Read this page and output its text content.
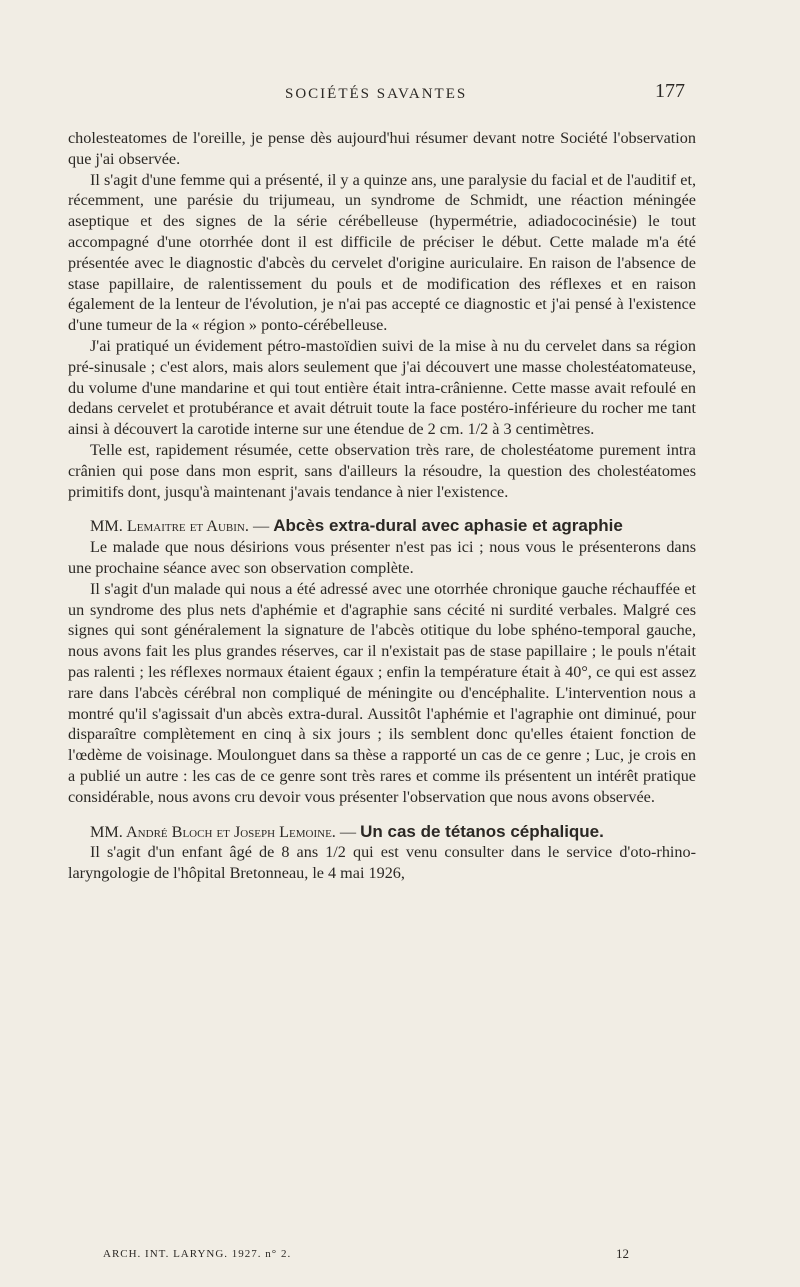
SOCIÉTÉS SAVANTES	177

cholesteatomes de l'oreille, je pense dès aujourd'hui résumer devant notre Société l'observation que j'ai observée.

Il s'agit d'une femme qui a présenté, il y a quinze ans, une paralysie du facial et de l'auditif et, récemment, une parésie du trijumeau, un syndrome de Schmidt, une réaction méningée aseptique et des signes de la série cérébelleuse (hypermétrie, adiadococinésie) le tout accompagné d'une otorrhée dont il est difficile de préciser le début. Cette malade m'a été présentée avec le diagnostic d'abcès du cervelet d'origine auriculaire. En raison de l'absence de stase papillaire, de ralentissement du pouls et de modification des réflexes et en raison également de la lenteur de l'évolution, je n'ai pas accepté ce diagnostic et j'ai pensé à l'existence d'une tumeur de la « région » ponto-cérébelleuse.

J'ai pratiqué un évidement pétro-mastoïdien suivi de la mise à nu du cervelet dans sa région pré-sinusale ; c'est alors, mais alors seulement que j'ai découvert une masse cholestéatomateuse, du volume d'une mandarine et qui tout entière était intra-crânienne. Cette masse avait refoulé en dedans cervelet et protubérance et avait détruit toute la face postéro-inférieure du rocher me tant ainsi à découvert la carotide interne sur une étendue de 2 cm. 1/2 à 3 centimètres.

Telle est, rapidement résumée, cette observation très rare, de cholestéatome purement intra crânien qui pose dans mon esprit, sans d'ailleurs la résoudre, la question des cholestéatomes primitifs dont, jusqu'à maintenant j'avais tendance à nier l'existence.

MM. Lemaitre et Aubin. — Abcès extra-dural avec aphasie et agraphie

Le malade que nous désirions vous présenter n'est pas ici ; nous vous le présenterons dans une prochaine séance avec son observation complète.

Il s'agit d'un malade qui nous a été adressé avec une otorrhée chronique gauche réchauffée et un syndrome des plus nets d'aphémie et d'agraphie sans cécité ni surdité verbales. Malgré ces signes qui sont généralement la signature de l'abcès otitique du lobe sphéno-temporal gauche, nous avons fait les plus grandes réserves, car il n'existait pas de stase papillaire ; le pouls n'était pas ralenti ; les réflexes normaux étaient égaux ; enfin la température était à 40°, ce qui est assez rare dans l'abcès cérébral non compliqué de méningite ou d'encéphalite. L'intervention nous a montré qu'il s'agissait d'un abcès extra-dural. Aussitôt l'aphémie et l'agraphie ont diminué, pour disparaître complètement en cinq à six jours ; ils semblent donc qu'elles étaient fonction de l'œdème de voisinage. Moulonguet dans sa thèse a rapporté un cas de ce genre ; Luc, je crois en a publié un autre : les cas de ce genre sont très rares et comme ils présentent un intérêt pratique considérable, nous avons cru devoir vous présenter l'observation que nous avons observée.

MM. André Bloch et Joseph Lemoine. — Un cas de tétanos céphalique.

Il s'agit d'un enfant âgé de 8 ans 1/2 qui est venu consulter dans le service d'oto-rhino-laryngologie de l'hôpital Bretonneau, le 4 mai 1926,

ARCH. INT. LARYNG. 1927. n° 2.	12
